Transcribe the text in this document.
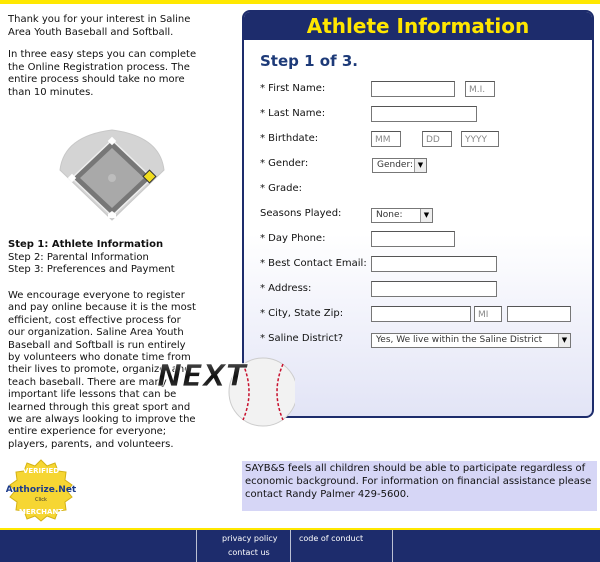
Thank you for your interest in Saline Area Youth Baseball and Softball.

In three easy steps you can complete the Online Registration process. The entire process should take no more than 10 minutes.

Step 1: Athlete Information
Step 2: Parental Information
Step 3: Preferences and Payment
We encourage everyone to register and pay online because it is the most efficient, cost effective process for our organization. Saline Area Youth Baseball and Softball is run entirely by volunteers who donate time from their lives to promote, organize, and teach baseball. There are many important life lessons that can be learned through this great sport and we are always looking to improve the entire experience for everyone; players, parents, and volunteers.
VERIFIED
Authorize.Net
Click
MERCHANT
Athlete Information
Step 1 of 3.
* First Name:	M.I.
* Last Name:
* Birthdate:	MM	DD	YYYY
* Gender:	Gender: ▼
* Grade:
Seasons Played:	None:	▼
* Day Phone:
* Best Contact Email:
* Address:
* City, State Zip:	MI
* Saline District?	Yes, We live within the Saline District	▼
NEXT
SAYB&S feels all children should be able to participate regardless of economic background. For information on financial assistance please contact Randy Palmer 429-5600.
privacy policy	code of conduct
contact us
